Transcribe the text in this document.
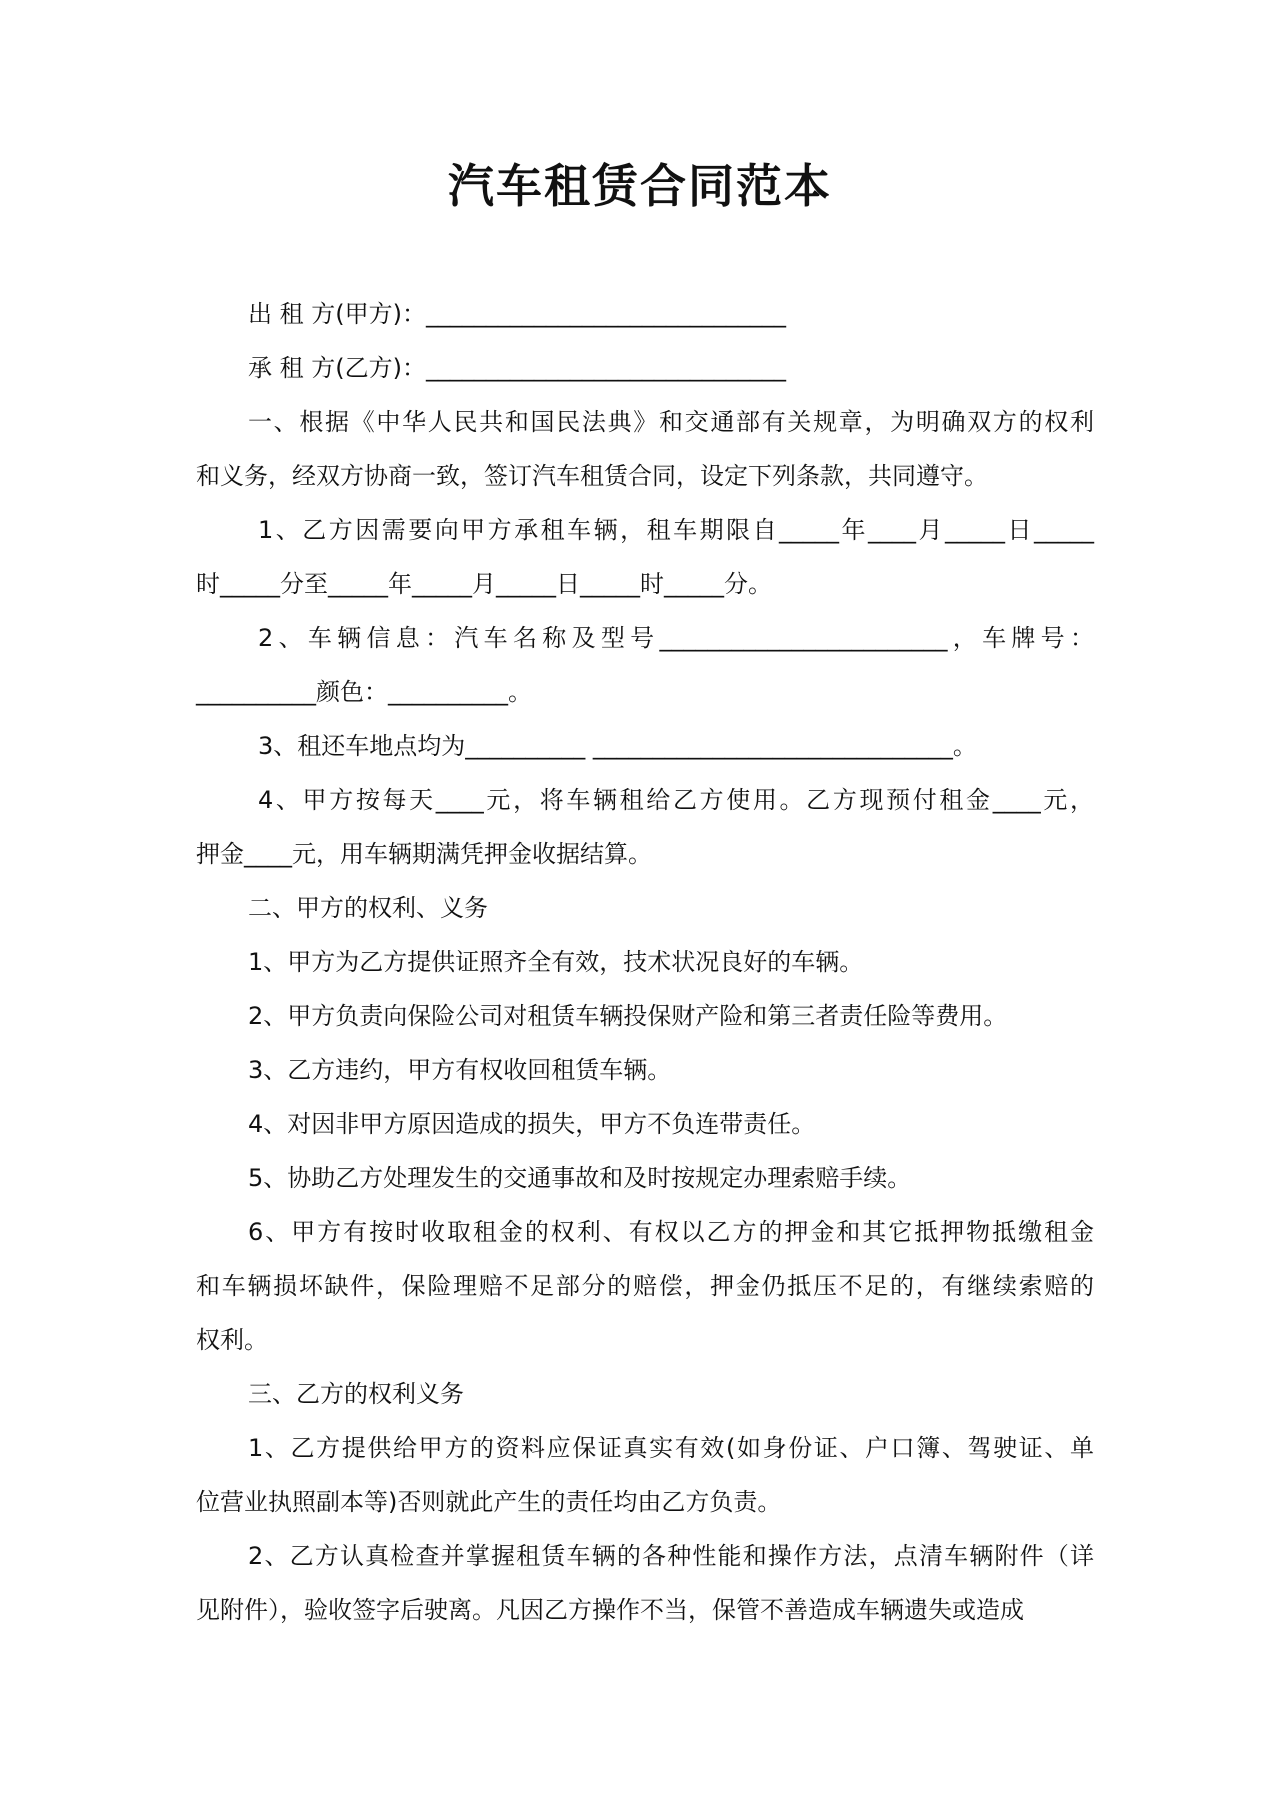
汽车租赁合同范本
出 租 方(甲方)：______________________________
承 租 方(乙方)：______________________________
一、根据《中华人民共和国民法典》和交通部有关规章，为明确双方的权利
和义务，经双方协商一致，签订汽车租赁合同，设定下列条款，共同遵守。
1、乙方因需要向甲方承租车辆，租车期限自_____年____月_____日_____
时_____分至_____年_____月_____日_____时_____分。
2、车辆信息：汽车名称及型号________________________，车牌号：
__________颜色：__________。
3、租还车地点均为__________ ______________________________。
4、甲方按每天____元，将车辆租给乙方使用。乙方现预付租金____元，
押金____元，用车辆期满凭押金收据结算。
二、甲方的权利、义务
1、甲方为乙方提供证照齐全有效，技术状况良好的车辆。
2、甲方负责向保险公司对租赁车辆投保财产险和第三者责任险等费用。
3、乙方违约，甲方有权收回租赁车辆。
4、对因非甲方原因造成的损失，甲方不负连带责任。
5、协助乙方处理发生的交通事故和及时按规定办理索赔手续。
6、甲方有按时收取租金的权利、有权以乙方的押金和其它抵押物抵缴租金
和车辆损坏缺件，保险理赔不足部分的赔偿，押金仍抵压不足的，有继续索赔的
权利。
三、乙方的权利义务
1、乙方提供给甲方的资料应保证真实有效(如身份证、户口簿、驾驶证、单
位营业执照副本等)否则就此产生的责任均由乙方负责。
2、乙方认真检查并掌握租赁车辆的各种性能和操作方法，点清车辆附件（详
见附件），验收签字后驶离。凡因乙方操作不当，保管不善造成车辆遗失或造成
